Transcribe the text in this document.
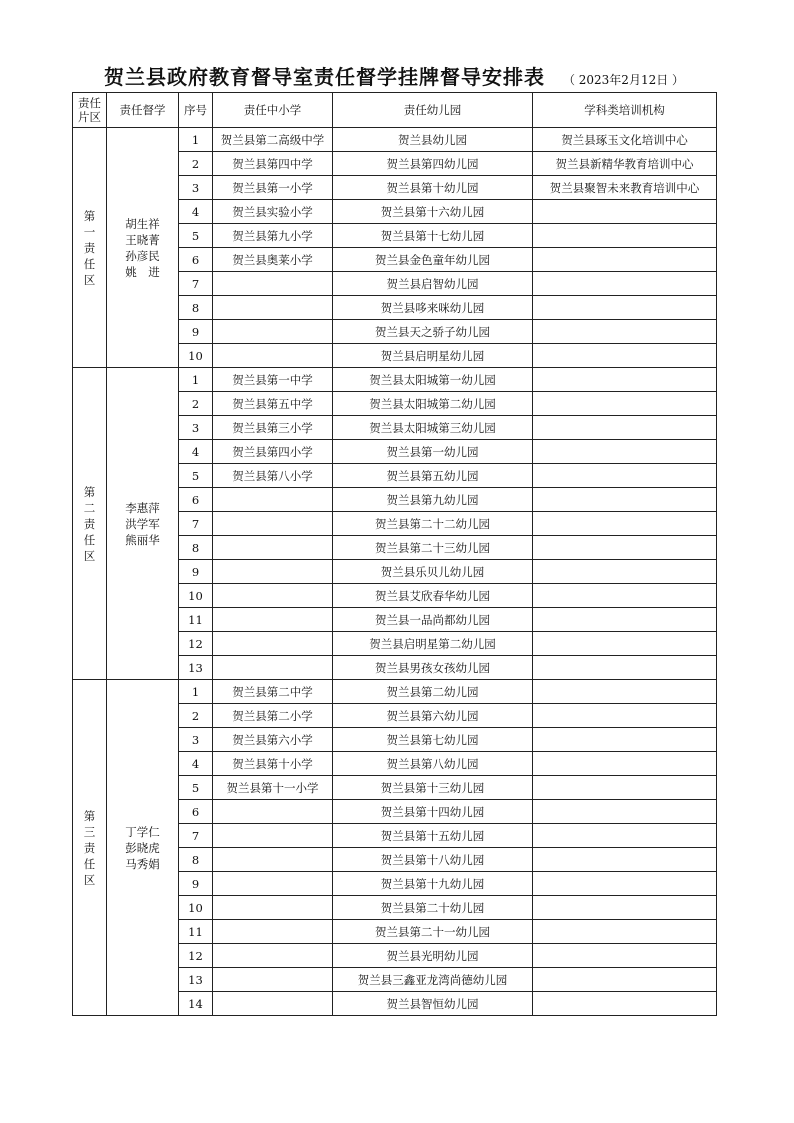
贺兰县政府教育督导室责任督学挂牌督导安排表 （ 2023年2月12日 ）
责任
片区	责任督学	序号	责任中小学	责任幼儿园	学科类培训机构

第
一
责
任
区	胡生祥
王晓菁
孙彦民
姚　进	1	贺兰县第二高级中学	贺兰县幼儿园	贺兰县琢玉文化培训中心
		2	贺兰县第四中学	贺兰县第四幼儿园	贺兰县新精华教育培训中心
		3	贺兰县第一小学	贺兰县第十幼儿园	贺兰县聚智未来教育培训中心
		4	贺兰县实验小学	贺兰县第十六幼儿园	
		5	贺兰县第九小学	贺兰县第十七幼儿园	
		6	贺兰县奥莱小学	贺兰县金色童年幼儿园	
		7		贺兰县启智幼儿园	
		8		贺兰县哆来咪幼儿园	
		9		贺兰县天之骄子幼儿园	
		10		贺兰县启明星幼儿园	

第
二
责
任
区	李惠萍
洪学军
熊丽华	1	贺兰县第一中学	贺兰县太阳城第一幼儿园	
		2	贺兰县第五中学	贺兰县太阳城第二幼儿园	
		3	贺兰县第三小学	贺兰县太阳城第三幼儿园	
		4	贺兰县第四小学	贺兰县第一幼儿园	
		5	贺兰县第八小学	贺兰县第五幼儿园	
		6		贺兰县第九幼儿园	
		7		贺兰县第二十二幼儿园	
		8		贺兰县第二十三幼儿园	
		9		贺兰县乐贝儿幼儿园	
		10		贺兰县艾欣春华幼儿园	
		11		贺兰县一品尚都幼儿园	
		12		贺兰县启明星第二幼儿园	
		13		贺兰县男孩女孩幼儿园	

第
三
责
任
区	丁学仁
彭晓虎
马秀娟	1	贺兰县第二中学	贺兰县第二幼儿园	
		2	贺兰县第二小学	贺兰县第六幼儿园	
		3	贺兰县第六小学	贺兰县第七幼儿园	
		4	贺兰县第十小学	贺兰县第八幼儿园	
		5	贺兰县第十一小学	贺兰县第十三幼儿园	
		6		贺兰县第十四幼儿园	
		7		贺兰县第十五幼儿园	
		8		贺兰县第十八幼儿园	
		9		贺兰县第十九幼儿园	
		10		贺兰县第二十幼儿园	
		11		贺兰县第二十一幼儿园	
		12		贺兰县光明幼儿园	
		13		贺兰县三鑫亚龙湾尚德幼儿园	
		14		贺兰县智恒幼儿园	
